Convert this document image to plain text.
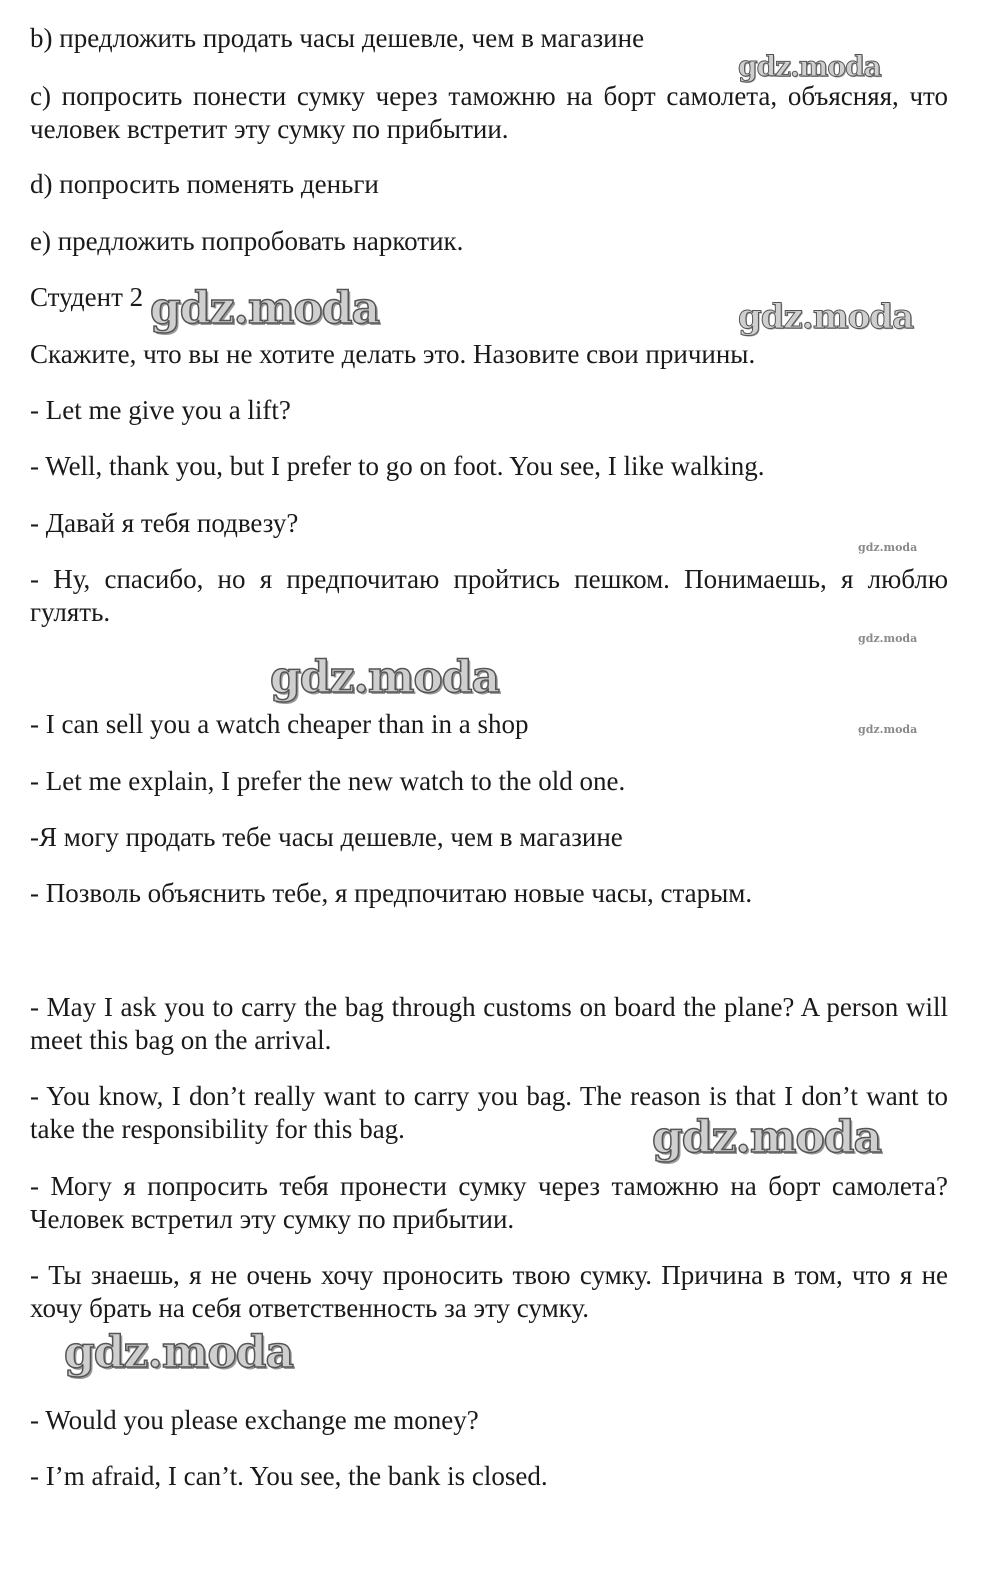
b) предложить продать часы дешевле, чем в магазине

c) попросить понести сумку через таможню на борт самолета, объясняя, что человек встретит эту сумку по прибытии.

d) попросить поменять деньги

e) предложить попробовать наркотик.

Студент 2

Скажите, что вы не хотите делать это. Назовите свои причины.

- Let me give you a lift?

- Well, thank you, but I prefer to go on foot. You see, I like walking.

- Давай я тебя подвезу?

- Ну, спасибо, но я предпочитаю пройтись пешком. Понимаешь, я люблю гулять.

- I can sell you a watch cheaper than in a shop

- Let me explain, I prefer the new watch to the old one.

-Я могу продать тебе часы дешевле, чем в магазине

- Позволь объяснить тебе, я предпочитаю новые часы, старым.

- May I ask you to carry the bag through customs on board the plane? A person will meet this bag on the arrival.

- You know, I don’t really want to carry you bag. The reason is that I don’t want to take the responsibility for this bag.

- Могу я попросить тебя пронести сумку через таможню на борт самолета? Человек встретил эту сумку по прибытии.

- Ты знаешь, я не очень хочу проносить твою сумку. Причина в том, что я не хочу брать на себя ответственность за эту сумку.

- Would you please exchange me money?

- I’m afraid, I can’t. You see, the bank is closed.

gdz.moda
gdz.moda	gdz.moda
gdz.moda
gdz.moda
gdz.moda
gdz.moda
gdz.moda
gdz.moda
